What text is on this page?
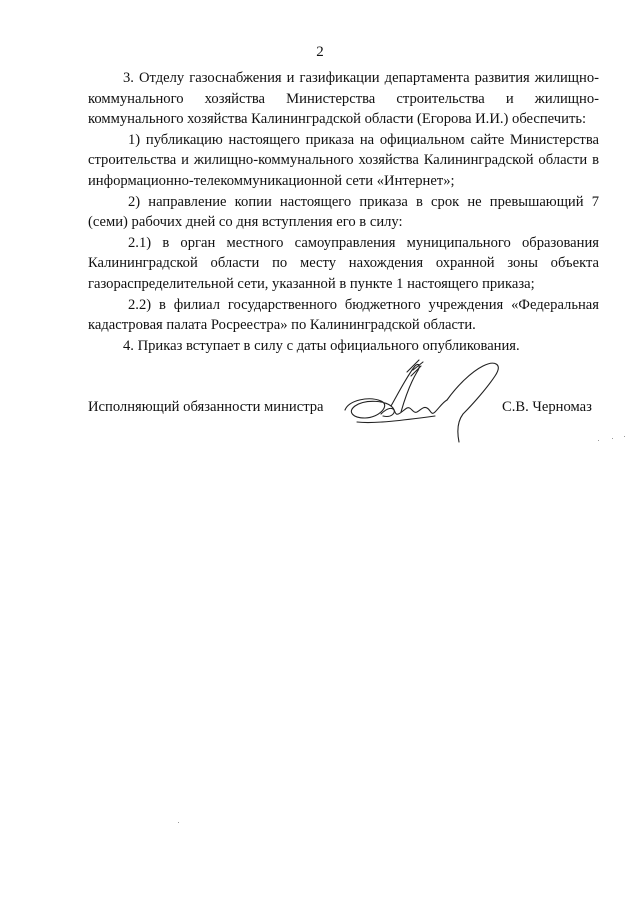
2

3. Отделу газоснабжения и газификации департамента развития жилищно-коммунального хозяйства Министерства строительства и жилищно-коммунального хозяйства Калининградской области (Егорова И.И.) обеспечить:

1) публикацию настоящего приказа на официальном сайте Министерства строительства и жилищно-коммунального хозяйства Калининградской области в информационно-телекоммуникационной сети «Интернет»;

2) направление копии настоящего приказа в срок не превышающий 7 (семи) рабочих дней со дня вступления его в силу:

2.1) в орган местного самоуправления муниципального образования Калининградской области по месту нахождения охранной зоны объекта газораспределительной сети, указанной в пункте 1 настоящего приказа;

2.2) в филиал государственного бюджетного учреждения «Федеральная кадастровая палата Росреестра» по Калининградской области.

4. Приказ вступает в силу с даты официального опубликования.

Исполняющий обязанности министра	С.В. Черномаз
